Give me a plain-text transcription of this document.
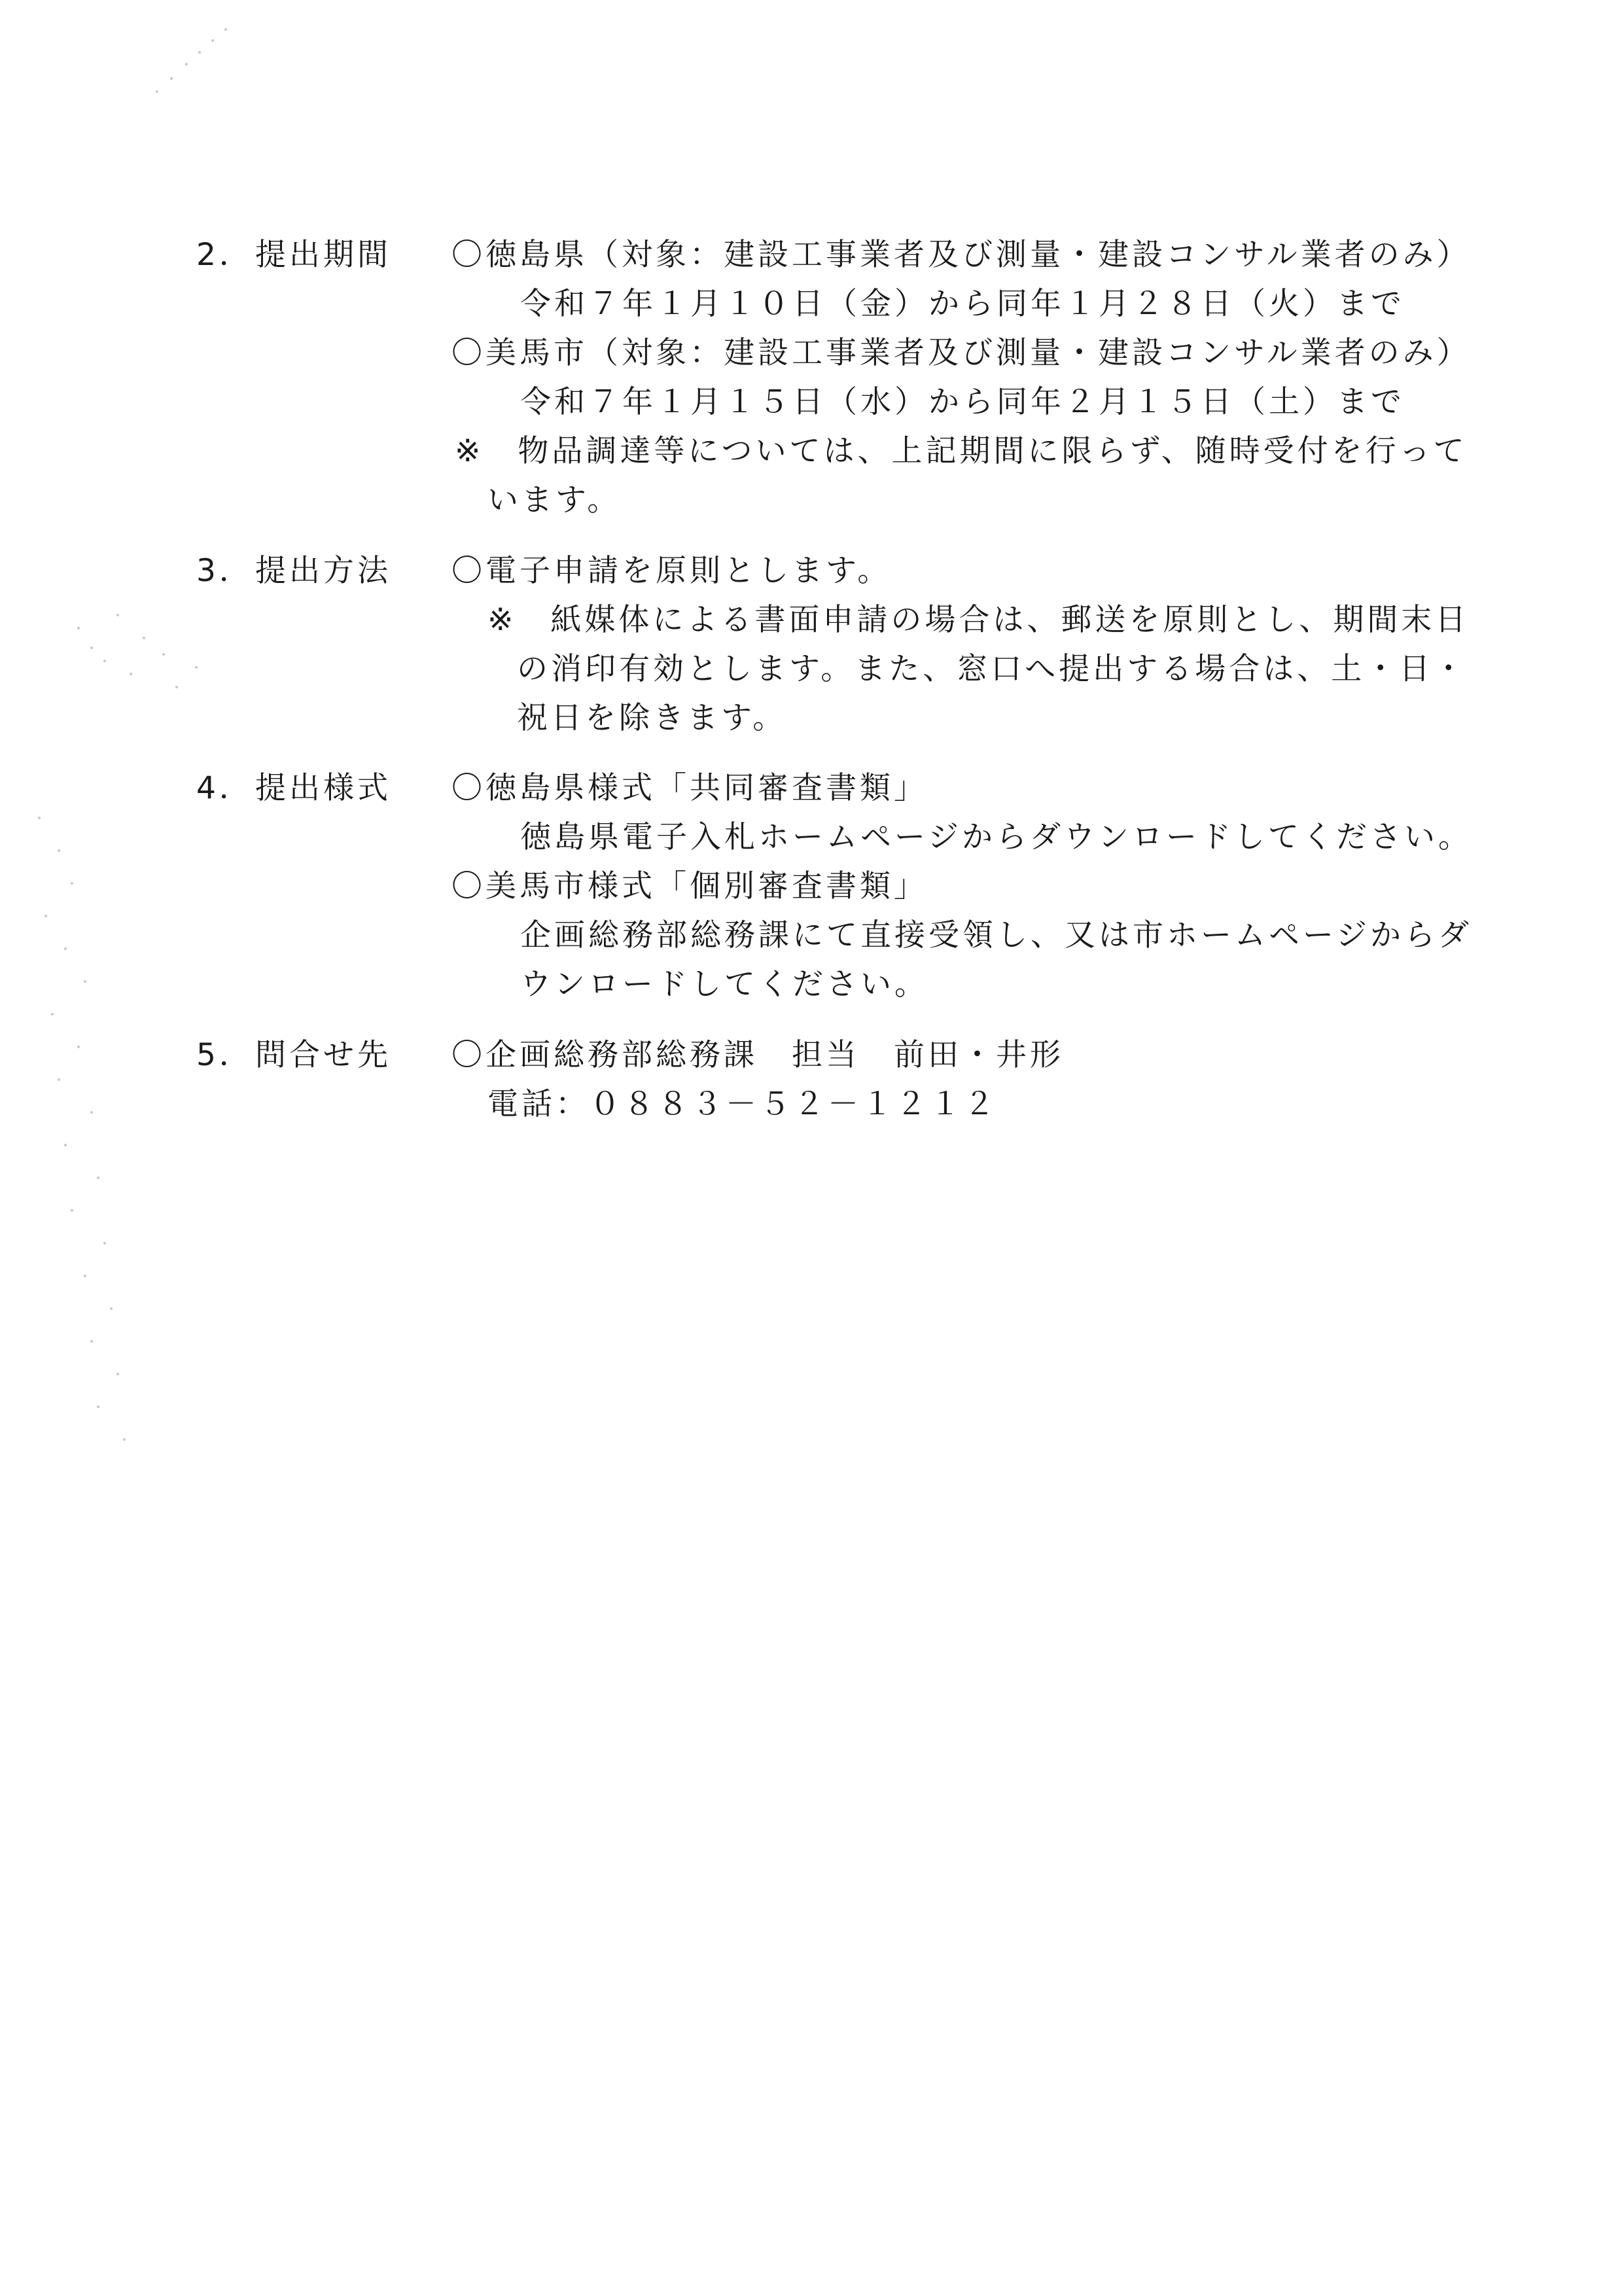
2． 提出期間 〇徳島県（対象：建設工事業者及び測量・建設コンサル業者のみ）
令和７年１月１０日（金）から同年１月２８日（火）まで
〇美馬市（対象：建設工事業者及び測量・建設コンサル業者のみ）
令和７年１月１５日（水）から同年２月１５日（土）まで
※　物品調達等については、上記期間に限らず、随時受付を行って
います。
3． 提出方法 〇電子申請を原則とします。
※　紙媒体による書面申請の場合は、郵送を原則とし、期間末日
の消印有効とします。また、窓口へ提出する場合は、土・日・
祝日を除きます。
4． 提出様式 〇徳島県様式「共同審査書類」
徳島県電子入札ホームページからダウンロードしてください。
〇美馬市様式「個別審査書類」
企画総務部総務課にて直接受領し、又は市ホームページからダ
ウンロードしてください。
5． 問合せ先 〇企画総務部総務課　担当　前田・井形
電話：０８８３－５２－１２１２
